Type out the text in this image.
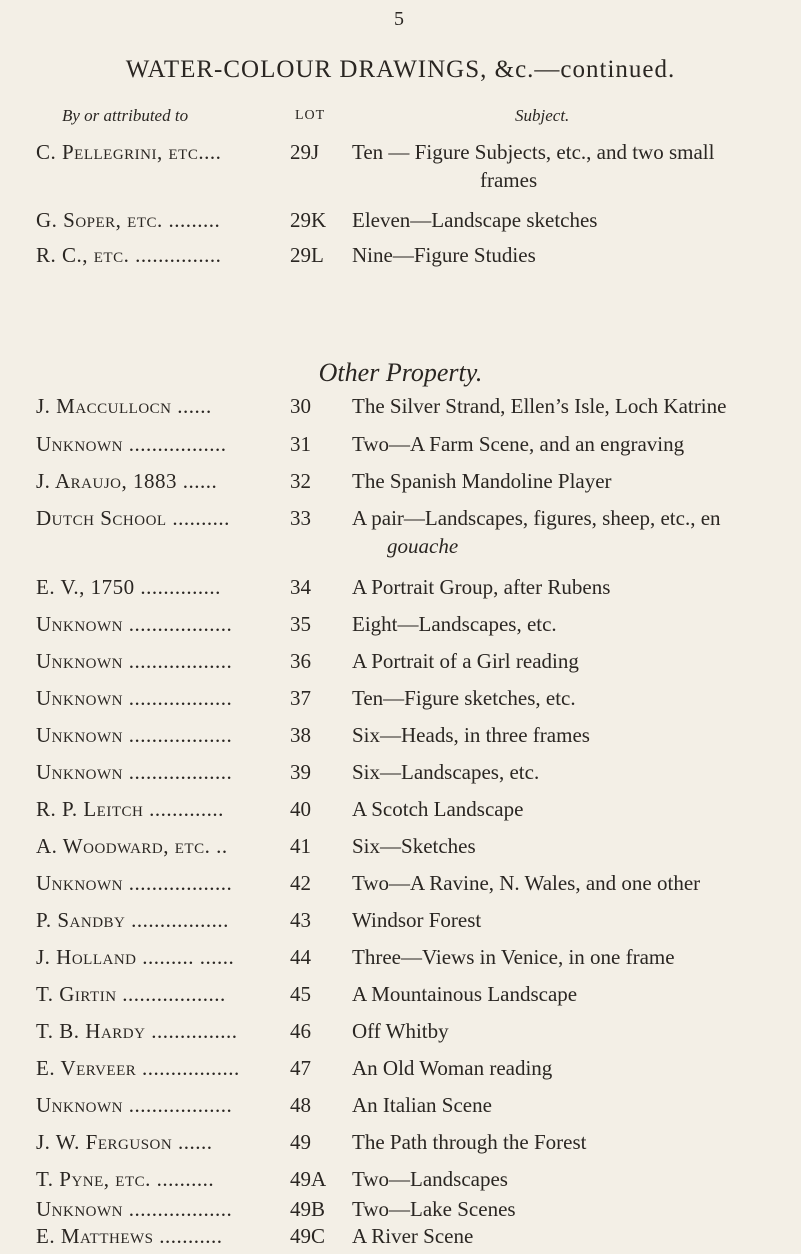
5
WATER-COLOUR DRAWINGS, &c.—continued.
By or attributed to	LOT	Subject.
C. Pellegrini, etc....	29J	Ten — Figure Subjects, etc., and two small
frames
G. Soper, etc. .........	29K	Eleven—Landscape sketches
R. C., etc. ...............	29L	Nine—Figure Studies
Other Property.
J. Maccullocn ......	30	The Silver Strand, Ellen’s Isle, Loch Katrine
Unknown .................	31	Two—A Farm Scene, and an engraving
J. Araujo, 1883 ......	32	The Spanish Mandoline Player
Dutch School ..........	33	A pair—Landscapes, figures, sheep, etc., en
gouache
E. V., 1750 ..............	34	A Portrait Group, after Rubens
Unknown ..................	35	Eight—Landscapes, etc.
Unknown ..................	36	A Portrait of a Girl reading
Unknown ..................	37	Ten—Figure sketches, etc.
Unknown ..................	38	Six—Heads, in three frames
Unknown ..................	39	Six—Landscapes, etc.
R. P. Leitch .............	40	A Scotch Landscape
A. Woodward, etc. ..	41	Six—Sketches
Unknown ..................	42	Two—A Ravine, N. Wales, and one other
P. Sandby .................	43	Windsor Forest
J. Holland ......... ......	44	Three—Views in Venice, in one frame
T. Girtin ..................	45	A Mountainous Landscape
T. B. Hardy ...............	46	Off Whitby
E. Verveer ................. 47	An Old Woman reading
Unknown ..................	48	An Italian Scene
J. W. Ferguson ......	49	The Path through the Forest
T. Pyne, etc. ..........	49A	Two—Landscapes
Unknown ..................	49B	Two—Lake Scenes
E. Matthews ...........	49C	A River Scene
